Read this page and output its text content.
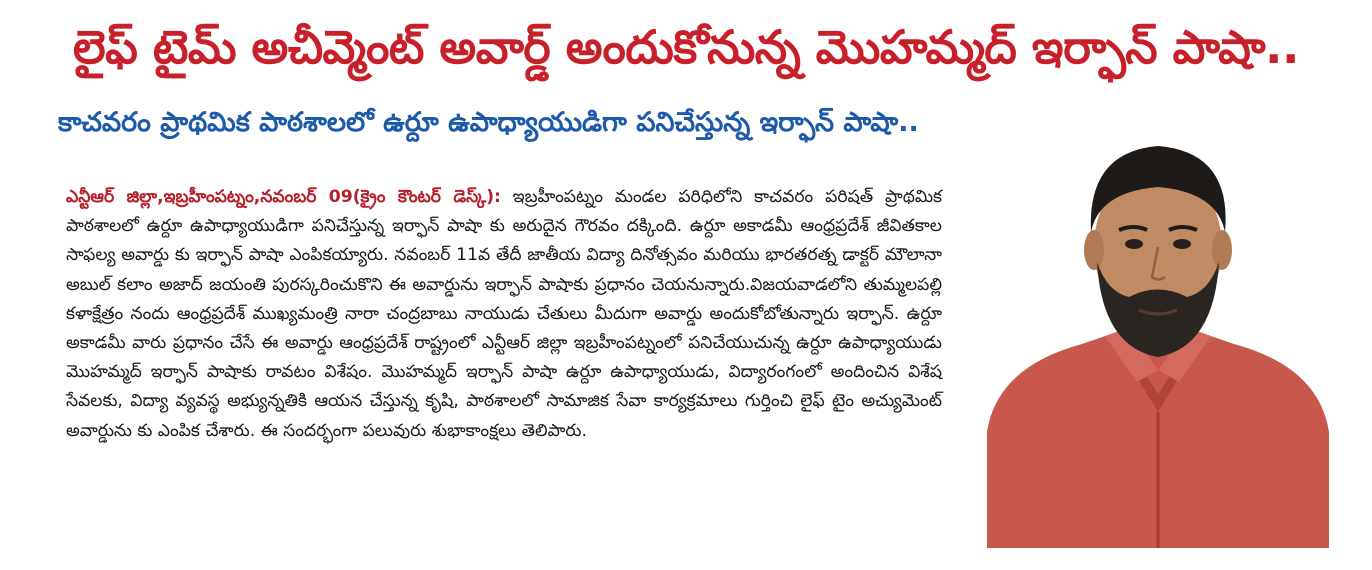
లైఫ్ టైమ్ అచీవ్మెంట్ అవార్డ్ అందుకోనున్న మొహమ్మద్ ఇర్ఫాన్ పాషా..
కాచవరం ప్రాథమిక పాఠశాలలో ఉర్దూ ఉపాధ్యాయుడిగా పనిచేస్తున్న ఇర్ఫాన్ పాషా..
ఎన్టీఆర్ జిల్లా,ఇబ్రహీంపట్నం,నవంబర్ 09(క్రైం కౌంటర్ డెస్క్): ఇబ్రహీంపట్నం మండల పరిధిలోని కాచవరం పరిషత్ ప్రాథమిక పాఠశాలలో ఉర్దూ ఉపాధ్యాయుడిగా పనిచేస్తున్న ఇర్ఫాన్ పాషా కు అరుదైన గౌరవం దక్కింది. ఉర్దూ అకాడమీ ఆంధ్రప్రదేశ్ జీవితకాల సాఫల్య అవార్డు కు ఇర్ఫాన్ పాషా ఎంపికయ్యారు. నవంబర్ 11వ తేదీ జాతీయ విద్యా దినోత్సవం మరియు భారతరత్న డాక్టర్ మౌలానా అబుల్ కలాం అజాద్ జయంతి పురస్కరించుకొని ఈ అవార్డును ఇర్ఫాన్ పాషాకు ప్రధానం చెయనున్నారు.విజయవాడలోని తుమ్మలపల్లి కళాక్షేత్రం నందు ఆంధ్రప్రదేశ్ ముఖ్యమంత్రి నారా చంద్రబాబు నాయుడు చేతులు మీదుగా అవార్డు అందుకోబోతున్నారు ఇర్ఫాన్. ఉర్దూ అకాడమీ వారు ప్రధానం చేసే ఈ అవార్డు ఆంధ్రప్రదేశ్ రాష్ట్రంలో ఎన్టీఆర్ జిల్లా ఇబ్రహీంపట్నంలో పనిచేయుచున్న ఉర్దూ ఉపాధ్యాయుడు మొహమ్మద్ ఇర్ఫాన్ పాషాకు రావటం విశేషం. మొహమ్మద్ ఇర్ఫాన్ పాషా ఉర్దూ ఉపాధ్యాయుడు, విద్యారంగంలో అందించిన విశేష సేవలకు, విద్యా వ్యవస్థ అభ్యున్నతికి ఆయన చేస్తున్న కృషి, పాఠశాలలో సామాజిక సేవా కార్యక్రమాలు గుర్తించి లైఫ్ టైం అచ్యుమెంట్ అవార్డును కు ఎంపిక చేశారు. ఈ సందర్భంగా పలువురు శుభాకాంక్షలు తెలిపారు.
